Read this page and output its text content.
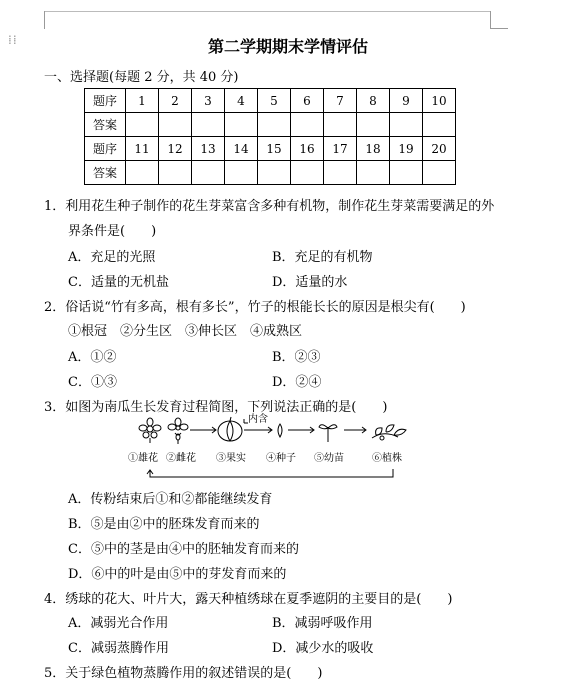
⁞⁞	第二学期期末学情评估
一、选择题(每题 2 分，共 40 分)
题序	1	2	3	4	5	6	7	8	9	10
答案										
题序	11	12	13	14	15	16	17	18	19	20
答案										
1．利用花生种子制作的花生芽菜富含多种有机物，制作花生芽菜需要满足的外
界条件是(　　)
A．充足的光照	B．充足的有机物
C．适量的无机盐	D．适量的水
2．俗话说“竹有多高，根有多长”，竹子的根能长长的原因是根尖有(　　)
①根冠　②分生区　③伸长区　④成熟区
A．①②	B．②③
C．①③	D．②④
3．如图为南瓜生长发育过程简图，下列说法正确的是(　　)
内含
①雄花 ②雌花 ③果实 ④种子 ⑤幼苗	⑥植株
A．传粉结束后①和②都能继续发育
B．⑤是由②中的胚珠发育而来的
C．⑤中的茎是由④中的胚轴发育而来的
D．⑥中的叶是由⑤中的芽发育而来的
4．绣球的花大、叶片大，露天种植绣球在夏季遮阴的主要目的是(　　)
A．减弱光合作用	B．减弱呼吸作用
C．减弱蒸腾作用	D．减少水的吸收
5．关于绿色植物蒸腾作用的叙述错误的是(　　)
